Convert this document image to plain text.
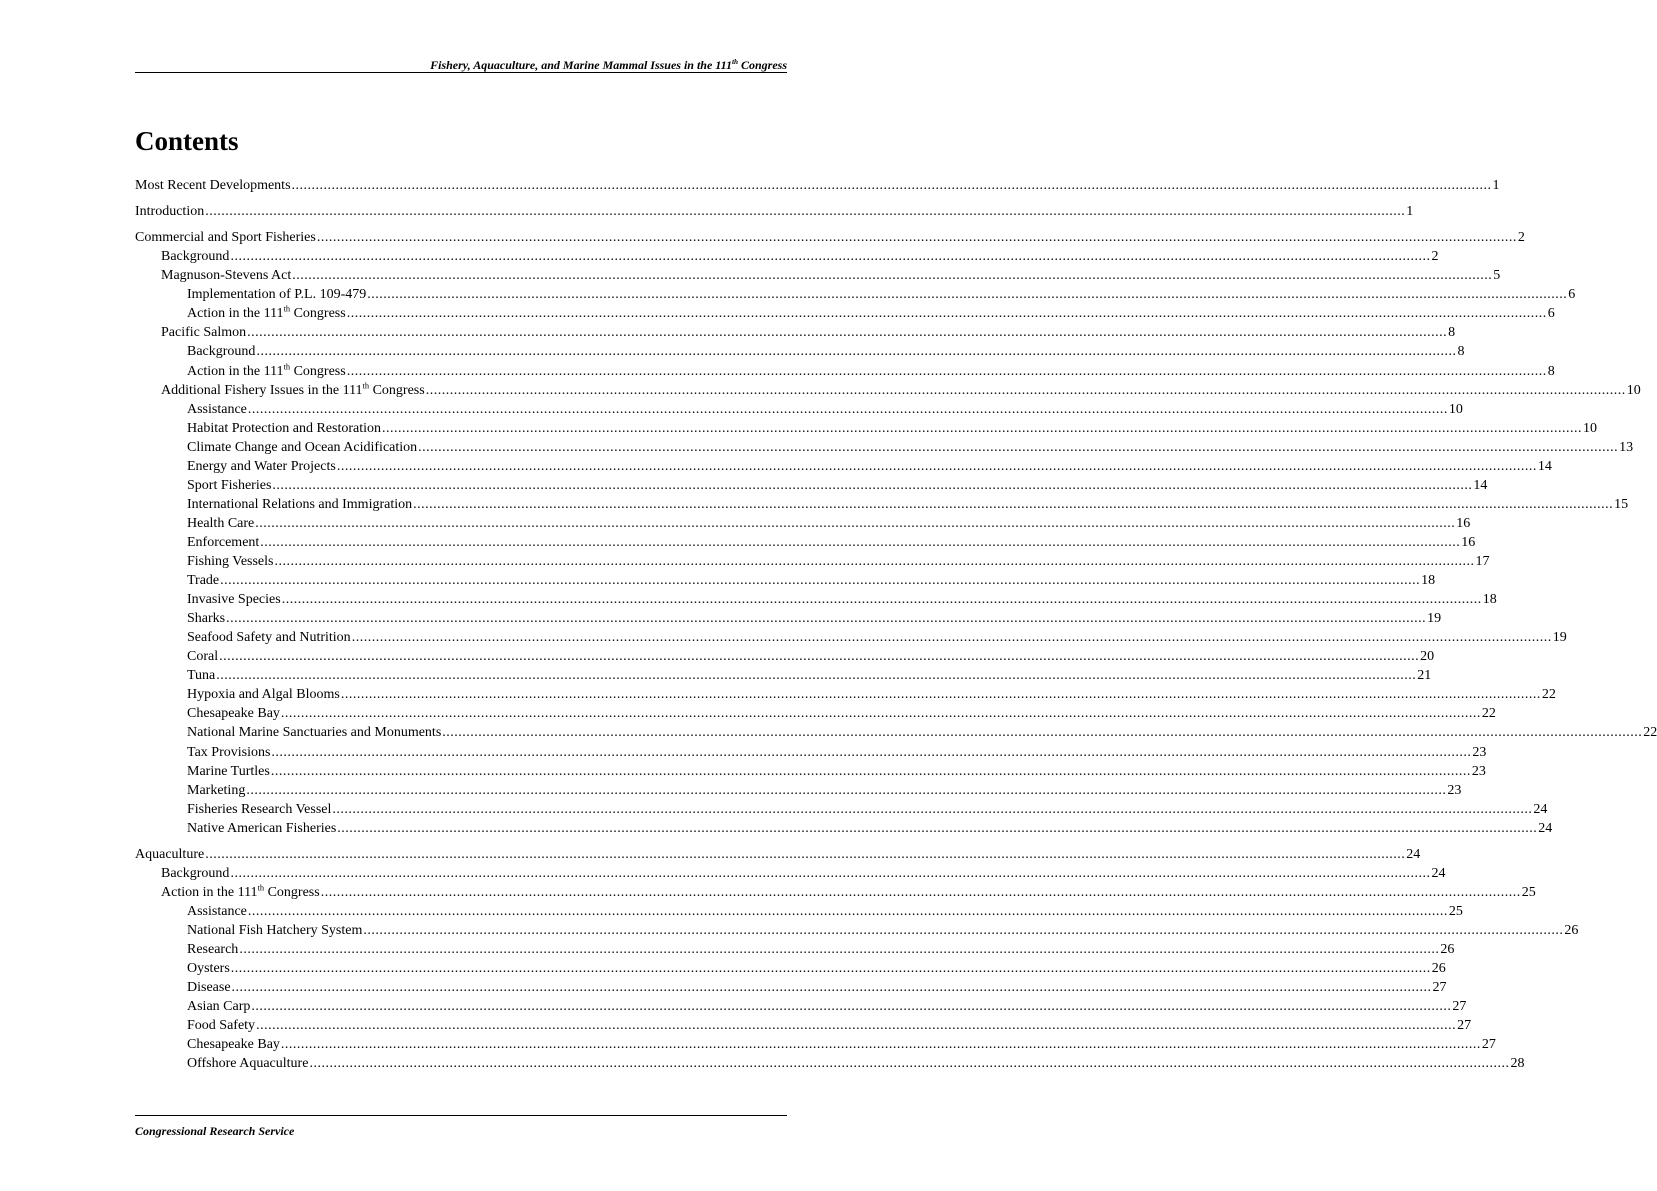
Fishery, Aquaculture, and Marine Mammal Issues in the 111th Congress
Contents
Most Recent Developments ............................................................................................................................................................................................................................................................................................................ 1
Introduction ............................................................................................................................................................................................................................................................................................................ 1
Commercial and Sport Fisheries ............................................................................................................................................................................................................................................................................................................ 2
Background ............................................................................................................................................................................................................................................................................................................ 2
Magnuson-Stevens Act ............................................................................................................................................................................................................................................................................................................ 5
Implementation of P.L. 109-479 ............................................................................................................................................................................................................................................................................................................ 6
Action in the 111th Congress ............................................................................................................................................................................................................................................................................................................ 6
Pacific Salmon ............................................................................................................................................................................................................................................................................................................ 8
Background ............................................................................................................................................................................................................................................................................................................ 8
Action in the 111th Congress ............................................................................................................................................................................................................................................................................................................ 8
Additional Fishery Issues in the 111th Congress ............................................................................................................................................................................................................................................................................................................ 10
Assistance ............................................................................................................................................................................................................................................................................................................ 10
Habitat Protection and Restoration ............................................................................................................................................................................................................................................................................................................ 10
Climate Change and Ocean Acidification ............................................................................................................................................................................................................................................................................................................ 13
Energy and Water Projects ............................................................................................................................................................................................................................................................................................................ 14
Sport Fisheries ............................................................................................................................................................................................................................................................................................................ 14
International Relations and Immigration ............................................................................................................................................................................................................................................................................................................ 15
Health Care ............................................................................................................................................................................................................................................................................................................ 16
Enforcement ............................................................................................................................................................................................................................................................................................................ 16
Fishing Vessels ............................................................................................................................................................................................................................................................................................................ 17
Trade ............................................................................................................................................................................................................................................................................................................ 18
Invasive Species ............................................................................................................................................................................................................................................................................................................ 18
Sharks ............................................................................................................................................................................................................................................................................................................ 19
Seafood Safety and Nutrition ............................................................................................................................................................................................................................................................................................................ 19
Coral ............................................................................................................................................................................................................................................................................................................ 20
Tuna ............................................................................................................................................................................................................................................................................................................ 21
Hypoxia and Algal Blooms ............................................................................................................................................................................................................................................................................................................ 22
Chesapeake Bay ............................................................................................................................................................................................................................................................................................................ 22
National Marine Sanctuaries and Monuments ............................................................................................................................................................................................................................................................................................................ 22
Tax Provisions ............................................................................................................................................................................................................................................................................................................ 23
Marine Turtles ............................................................................................................................................................................................................................................................................................................ 23
Marketing ............................................................................................................................................................................................................................................................................................................ 23
Fisheries Research Vessel ............................................................................................................................................................................................................................................................................................................ 24
Native American Fisheries ............................................................................................................................................................................................................................................................................................................ 24
Aquaculture ............................................................................................................................................................................................................................................................................................................ 24
Background ............................................................................................................................................................................................................................................................................................................ 24
Action in the 111th Congress ............................................................................................................................................................................................................................................................................................................ 25
Assistance ............................................................................................................................................................................................................................................................................................................ 25
National Fish Hatchery System ............................................................................................................................................................................................................................................................................................................ 26
Research ............................................................................................................................................................................................................................................................................................................ 26
Oysters ............................................................................................................................................................................................................................................................................................................ 26
Disease ............................................................................................................................................................................................................................................................................................................ 27
Asian Carp ............................................................................................................................................................................................................................................................................................................ 27
Food Safety ............................................................................................................................................................................................................................................................................................................ 27
Chesapeake Bay ............................................................................................................................................................................................................................................................................................................ 27
Offshore Aquaculture ............................................................................................................................................................................................................................................................................................................ 28
Congressional Research Service
